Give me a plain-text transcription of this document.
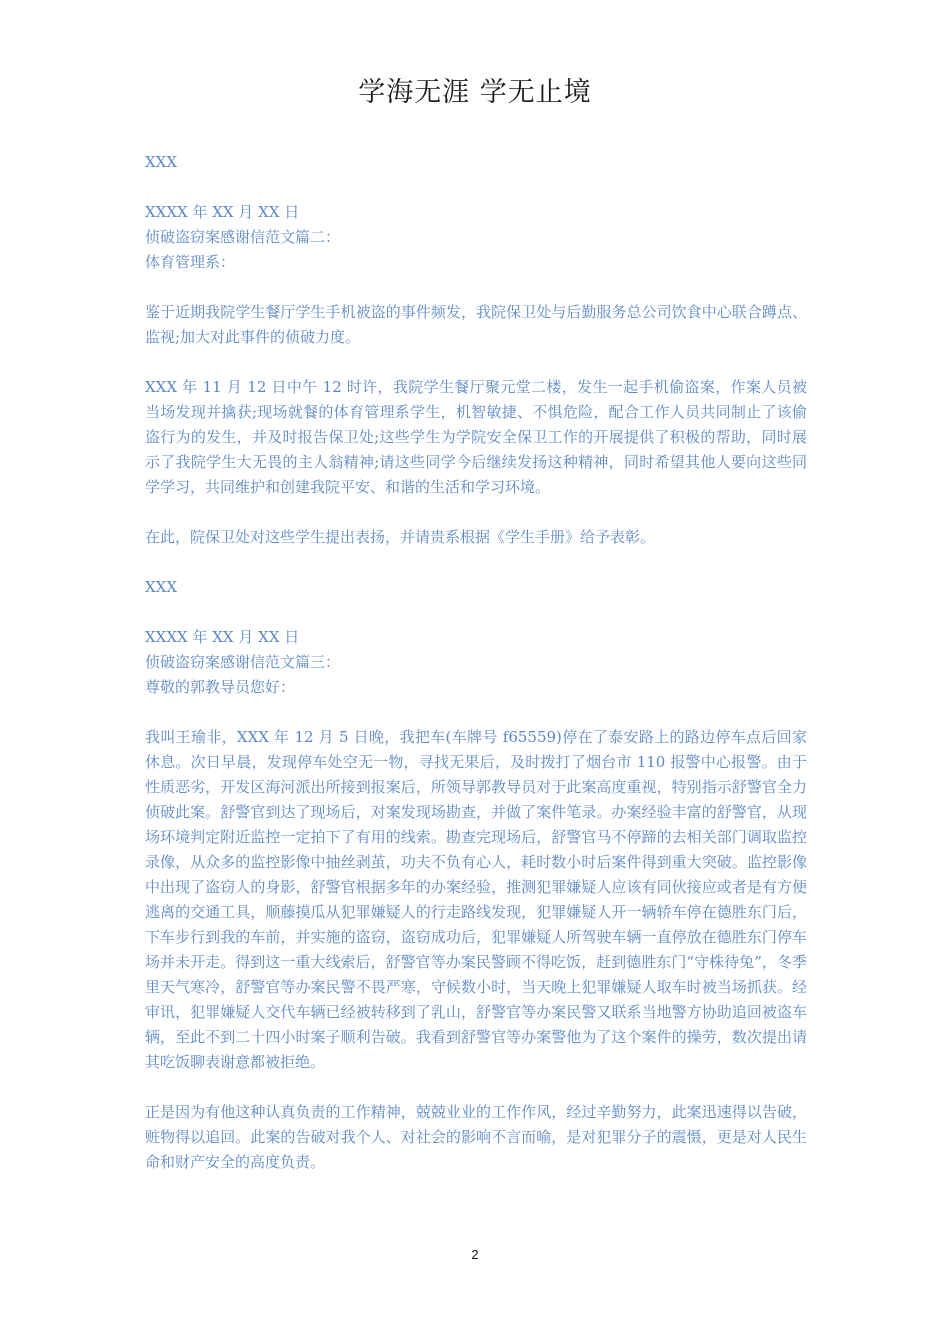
学海无涯 学无止境

XXX

XXXX 年 XX 月 XX 日

侦破盗窃案感谢信范文篇二：

体育管理系：

鉴于近期我院学生餐厅学生手机被盗的事件频发，我院保卫处与后勤服务总公司饮食中心联合蹲点、监视;加大对此事件的侦破力度。

XXX 年 11 月 12 日中午 12 时许，我院学生餐厅聚元堂二楼，发生一起手机偷盗案，作案人员被当场发现并擒获;现场就餐的体育管理系学生，机智敏捷、不惧危险，配合工作人员共同制止了该偷盗行为的发生，并及时报告保卫处;这些学生为学院安全保卫工作的开展提供了积极的帮助，同时展示了我院学生大无畏的主人翁精神;请这些同学今后继续发扬这种精神，同时希望其他人要向这些同学学习，共同维护和创建我院平安、和谐的生活和学习环境。

在此，院保卫处对这些学生提出表扬，并请贵系根据《学生手册》给予表彰。

XXX

XXXX 年 XX 月 XX 日

侦破盗窃案感谢信范文篇三：

尊敬的郭教导员您好：

我叫王瑜非，XXX 年 12 月 5 日晚，我把车(车牌号 f65559)停在了泰安路上的路边停车点后回家休息。次日早晨，发现停车处空无一物，寻找无果后，及时拨打了烟台市 110 报警中心报警。由于性质恶劣，开发区海河派出所接到报案后，所领导郭教导员对于此案高度重视，特别指示舒警官全力侦破此案。舒警官到达了现场后，对案发现场勘查，并做了案件笔录。办案经验丰富的舒警官，从现场环境判定附近监控一定拍下了有用的线索。勘查完现场后，舒警官马不停蹄的去相关部门调取监控录像，从众多的监控影像中抽丝剥茧，功夫不负有心人，耗时数小时后案件得到重大突破。监控影像中出现了盗窃人的身影，舒警官根据多年的办案经验，推测犯罪嫌疑人应该有同伙接应或者是有方便逃离的交通工具，顺藤摸瓜从犯罪嫌疑人的行走路线发现，犯罪嫌疑人开一辆轿车停在德胜东门后，下车步行到我的车前，并实施的盗窃，盗窃成功后，犯罪嫌疑人所驾驶车辆一直停放在德胜东门停车场并未开走。得到这一重大线索后，舒警官等办案民警顾不得吃饭，赶到德胜东门“守株待兔”，冬季里天气寒冷，舒警官等办案民警不畏严寒，守候数小时，当天晚上犯罪嫌疑人取车时被当场抓获。经审讯，犯罪嫌疑人交代车辆已经被转移到了乳山，舒警官等办案民警又联系当地警方协助追回被盗车辆，至此不到二十四小时案子顺利告破。我看到舒警官等办案警他为了这个案件的操劳，数次提出请其吃饭聊表谢意都被拒绝。

正是因为有他这种认真负责的工作精神，兢兢业业的工作作风，经过辛勤努力，此案迅速得以告破，赃物得以追回。此案的告破对我个人、对社会的影响不言而喻，是对犯罪分子的震慑，更是对人民生命和财产安全的高度负责。

2
